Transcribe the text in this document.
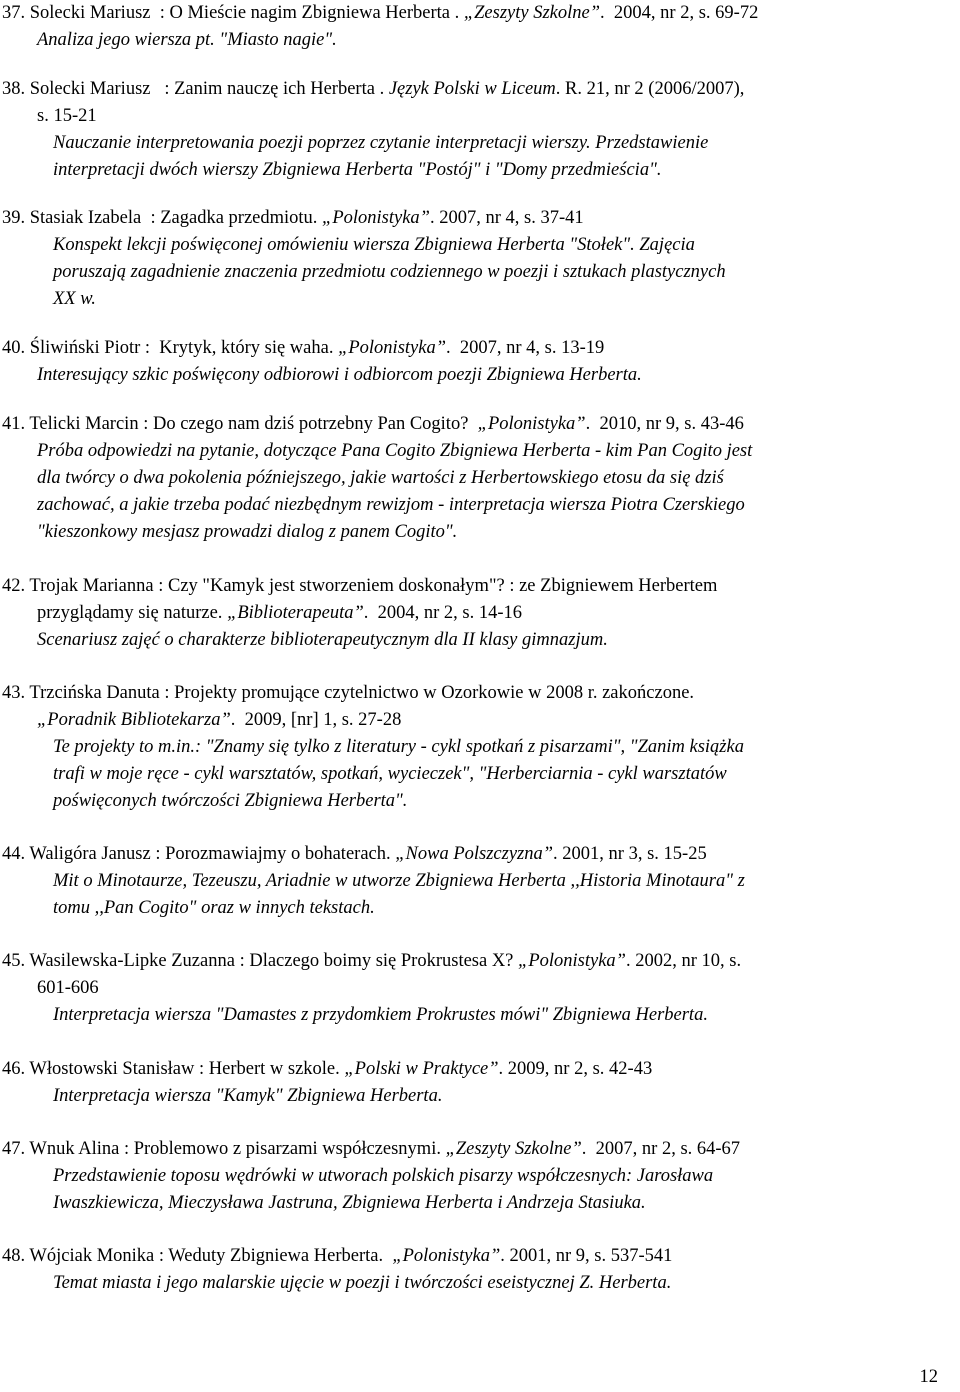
37. Solecki Mariusz  : O Mieście nagim Zbigniewa Herberta . „Zeszyty Szkolne”.  2004, nr 2, s. 69-72
Analiza jego wiersza pt. "Miasto nagie".
38. Solecki Mariusz   : Zanim nauczę ich Herberta . Język Polski w Liceum. R. 21, nr 2 (2006/2007),
s. 15-21
Nauczanie interpretowania poezji poprzez czytanie interpretacji wierszy. Przedstawienie
interpretacji dwóch wierszy Zbigniewa Herberta "Postój" i "Domy przedmieścia".
39. Stasiak Izabela  : Zagadka przedmiotu. „Polonistyka”. 2007, nr 4, s. 37-41
Konspekt lekcji poświęconej omówieniu wiersza Zbigniewa Herberta "Stołek". Zajęcia
poruszają zagadnienie znaczenia przedmiotu codziennego w poezji i sztukach plastycznych
XX w.
40. Śliwiński Piotr :  Krytyk, który się waha. „Polonistyka”.  2007, nr 4, s. 13-19
Interesujący szkic poświęcony odbiorowi i odbiorcom poezji Zbigniewa Herberta.
41. Telicki Marcin : Do czego nam dziś potrzebny Pan Cogito?  „Polonistyka”.  2010, nr 9, s. 43-46
Próba odpowiedzi na pytanie, dotyczące Pana Cogito Zbigniewa Herberta - kim Pan Cogito jest
dla twórcy o dwa pokolenia późniejszego, jakie wartości z Herbertowskiego etosu da się dziś
zachować, a jakie trzeba podać niezbędnym rewizjom - interpretacja wiersza Piotra Czerskiego
"kieszonkowy mesjasz prowadzi dialog z panem Cogito".
42. Trojak Marianna : Czy "Kamyk jest stworzeniem doskonałym"? : ze Zbigniewem Herbertem
przyglądamy się naturze. „Biblioterapeuta”.  2004, nr 2, s. 14-16
Scenariusz zajęć o charakterze biblioterapeutycznym dla II klasy gimnazjum.
43. Trzcińska Danuta : Projekty promujące czytelnictwo w Ozorkowie w 2008 r. zakończone.
„Poradnik Bibliotekarza”.  2009, [nr] 1, s. 27-28
Te projekty to m.in.: "Znamy się tylko z literatury - cykl spotkań z pisarzami", "Zanim książka
trafi w moje ręce - cykl warsztatów, spotkań, wycieczek", "Herberciarnia - cykl warsztatów
poświęconych twórczości Zbigniewa Herberta".
44. Waligóra Janusz : Porozmawiajmy o bohaterach. „Nowa Polszczyzna”. 2001, nr 3, s. 15-25
Mit o Minotaurze, Tezeuszu, Ariadnie w utworze Zbigniewa Herberta ,,Historia Minotaura" z
tomu ,,Pan Cogito" oraz w innych tekstach.
45. Wasilewska-Lipke Zuzanna : Dlaczego boimy się Prokrustesa X? „Polonistyka”. 2002, nr 10, s.
601-606
Interpretacja wiersza "Damastes z przydomkiem Prokrustes mówi" Zbigniewa Herberta.
46. Włostowski Stanisław : Herbert w szkole. „Polski w Praktyce”. 2009, nr 2, s. 42-43
Interpretacja wiersza "Kamyk" Zbigniewa Herberta.
47. Wnuk Alina : Problemowo z pisarzami współczesnymi. „Zeszyty Szkolne”.  2007, nr 2, s. 64-67
Przedstawienie toposu wędrówki w utworach polskich pisarzy współczesnych: Jarosława
Iwaszkiewicza, Mieczysława Jastruna, Zbigniewa Herberta i Andrzeja Stasiuka.
48. Wójciak Monika : Weduty Zbigniewa Herberta.  „Polonistyka”. 2001, nr 9, s. 537-541
Temat miasta i jego malarskie ujęcie w poezji i twórczości eseistycznej Z. Herberta.
12
